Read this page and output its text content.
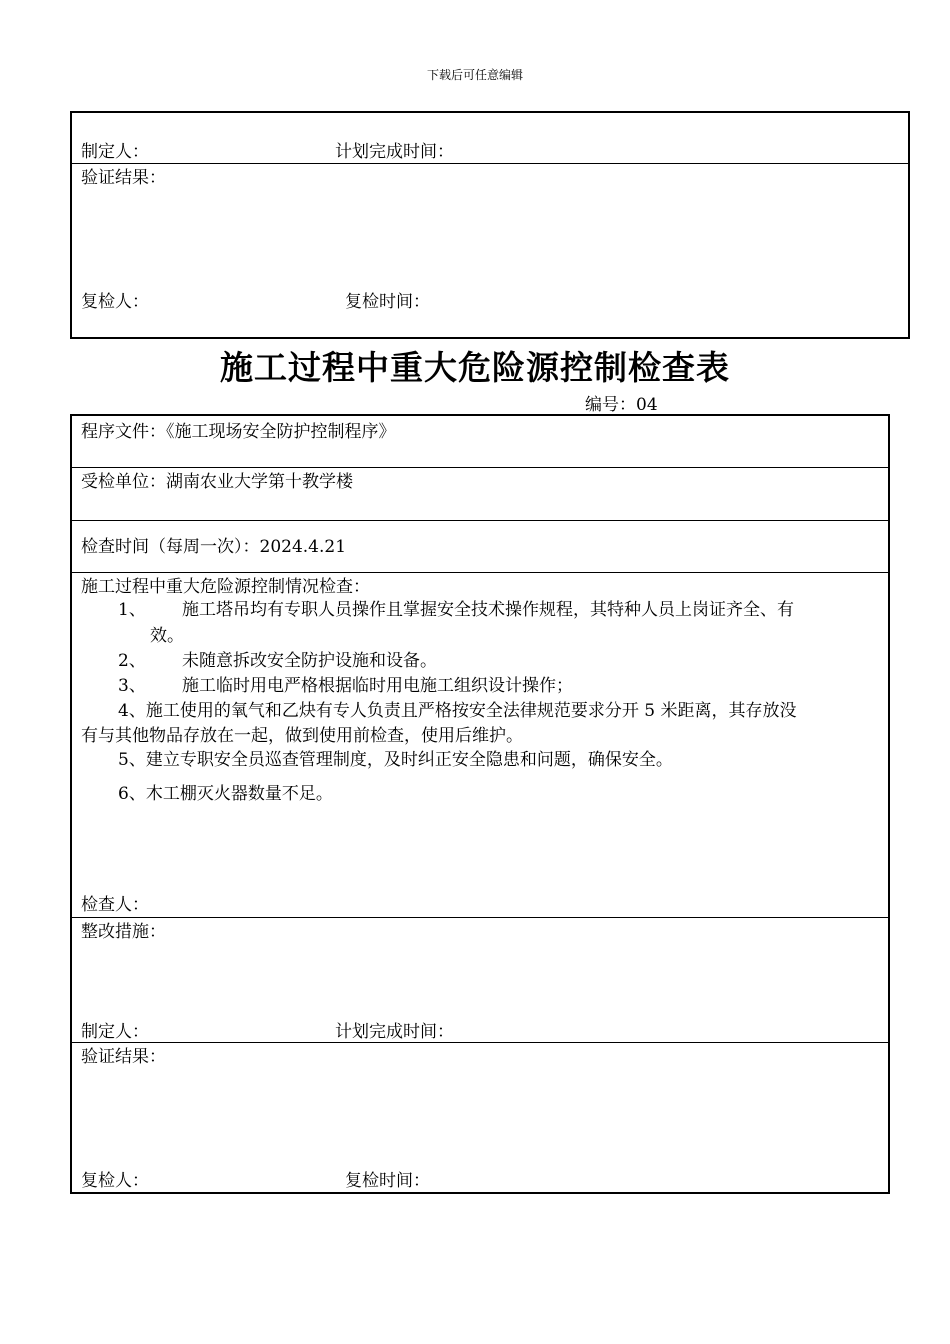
下载后可任意编辑
制定人：	计划完成时间：
验证结果：
复检人：	复检时间：
施工过程中重大危险源控制检查表
编号：04
程序文件：《施工现场安全防护控制程序》
受检单位：湖南农业大学第十教学楼
检查时间（每周一次）：2024.4.21
施工过程中重大危险源控制情况检查：
1、 施工塔吊均有专职人员操作且掌握安全技术操作规程，其特种人员上岗证齐全、有
效。
2、 未随意拆改安全防护设施和设备。
3、 施工临时用电严格根据临时用电施工组织设计操作；
4、施工使用的氧气和乙炔有专人负责且严格按安全法律规范要求分开 5 米距离，其存放没
有与其他物品存放在一起，做到使用前检查，使用后维护。
5、建立专职安全员巡查管理制度，及时纠正安全隐患和问题，确保安全。
6、木工棚灭火器数量不足。
检查人：
整改措施：
制定人：	计划完成时间：
验证结果：
复检人：	复检时间：
